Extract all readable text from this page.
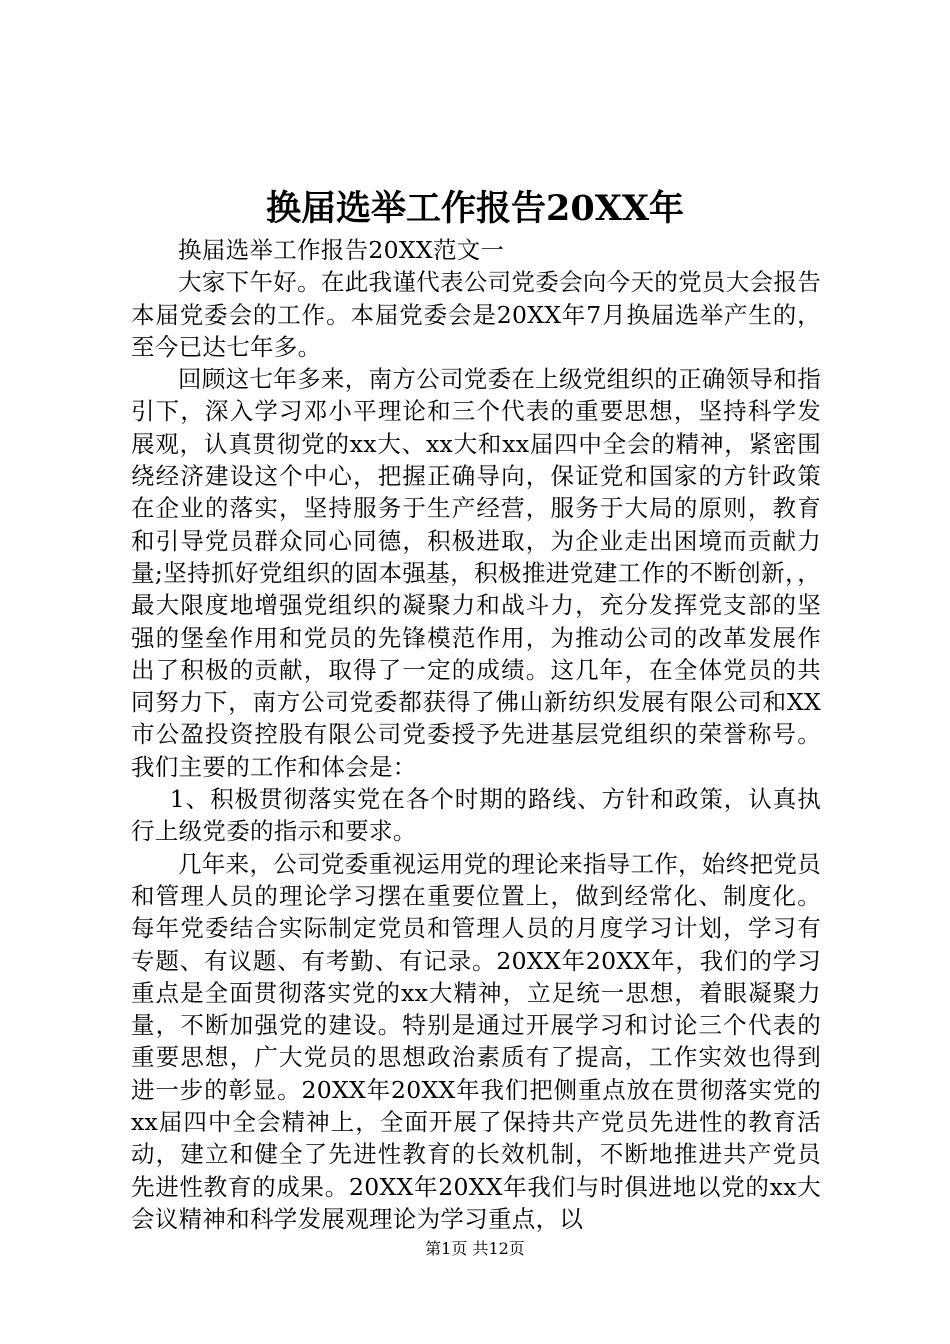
换届选举工作报告20XX年

换届选举工作报告20XX范文一

大家下午好。在此我谨代表公司党委会向今天的党员大会报告本届党委会的工作。本届党委会是20XX年7月换届选举产生的，至今已达七年多。

回顾这七年多来，南方公司党委在上级党组织的正确领导和指引下，深入学习邓小平理论和三个代表的重要思想，坚持科学发展观，认真贯彻党的xx大、xx大和xx届四中全会的精神，紧密围绕经济建设这个中心，把握正确导向，保证党和国家的方针政策在企业的落实，坚持服务于生产经营，服务于大局的原则，教育和引导党员群众同心同德，积极进取，为企业走出困境而贡献力量;坚持抓好党组织的固本强基，积极推进党建工作的不断创新，，最大限度地增强党组织的凝聚力和战斗力，充分发挥党支部的坚强的堡垒作用和党员的先锋模范作用，为推动公司的改革发展作出了积极的贡献，取得了一定的成绩。这几年，在全体党员的共同努力下，南方公司党委都获得了佛山新纺织发展有限公司和XX市公盈投资控股有限公司党委授予先进基层党组织的荣誉称号。我们主要的工作和体会是：

1、积极贯彻落实党在各个时期的路线、方针和政策，认真执行上级党委的指示和要求。

几年来，公司党委重视运用党的理论来指导工作，始终把党员和管理人员的理论学习摆在重要位置上，做到经常化、制度化。每年党委结合实际制定党员和管理人员的月度学习计划，学习有专题、有议题、有考勤、有记录。20XX年20XX年，我们的学习重点是全面贯彻落实党的xx大精神，立足统一思想，着眼凝聚力量，不断加强党的建设。特别是通过开展学习和讨论三个代表的重要思想，广大党员的思想政治素质有了提高，工作实效也得到进一步的彰显。20XX年20XX年我们把侧重点放在贯彻落实党的xx届四中全会精神上，全面开展了保持共产党员先进性的教育活动，建立和健全了先进性教育的长效机制，不断地推进共产党员先进性教育的成果。20XX年20XX年我们与时俱进地以党的xx大会议精神和科学发展观理论为学习重点，以

第1页 共12页
